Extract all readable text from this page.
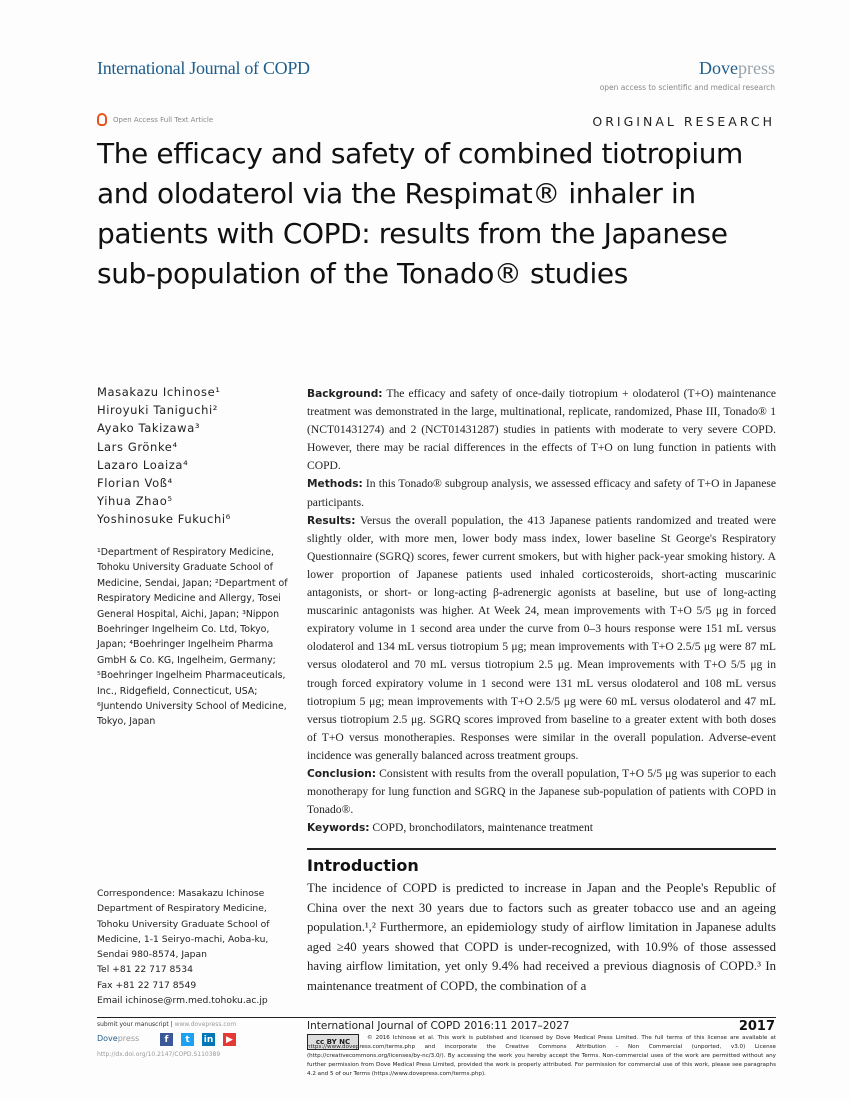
International Journal of COPD	Dovepress
open access to scientific and medical research
Open Access Full Text Article	ORIGINAL RESEARCH
The efficacy and safety of combined tiotropium and olodaterol via the Respimat® inhaler in patients with COPD: results from the Japanese sub-population of the Tonado® studies
Masakazu Ichinose¹
Hiroyuki Taniguchi²
Ayako Takizawa³
Lars Grönke⁴
Lazaro Loaiza⁴
Florian Voß⁴
Yihua Zhao⁵
Yoshinosuke Fukuchi⁶
¹Department of Respiratory Medicine, Tohoku University Graduate School of Medicine, Sendai, Japan; ²Department of Respiratory Medicine and Allergy, Tosei General Hospital, Aichi, Japan; ³Nippon Boehringer Ingelheim Co. Ltd, Tokyo, Japan; ⁴Boehringer Ingelheim Pharma GmbH & Co. KG, Ingelheim, Germany; ⁵Boehringer Ingelheim Pharmaceuticals, Inc., Ridgefield, Connecticut, USA; ⁶Juntendo University School of Medicine, Tokyo, Japan
Correspondence: Masakazu Ichinose
Department of Respiratory Medicine,
Tohoku University Graduate School of
Medicine, 1-1 Seiryo-machi, Aoba-ku,
Sendai 980-8574, Japan
Tel +81 22 717 8534
Fax +81 22 717 8549
Email ichinose@rm.med.tohoku.ac.jp

Background: The efficacy and safety of once-daily tiotropium + olodaterol (T+O) maintenance treatment was demonstrated in the large, multinational, replicate, randomized, Phase III, Tonado® 1 (NCT01431274) and 2 (NCT01431287) studies in patients with moderate to very severe COPD. However, there may be racial differences in the effects of T+O on lung function in patients with COPD.

Methods: In this Tonado® subgroup analysis, we assessed efficacy and safety of T+O in Japanese participants.

Results: Versus the overall population, the 413 Japanese patients randomized and treated were slightly older, with more men, lower body mass index, lower baseline St George's Respiratory Questionnaire (SGRQ) scores, fewer current smokers, but with higher pack-year smoking history. A lower proportion of Japanese patients used inhaled corticosteroids, short-acting muscarinic antagonists, or short- or long-acting β-adrenergic agonists at baseline, but use of long-acting muscarinic antagonists was higher. At Week 24, mean improvements with T+O 5/5 μg in forced expiratory volume in 1 second area under the curve from 0–3 hours response were 151 mL versus olodaterol and 134 mL versus tiotropium 5 μg; mean improvements with T+O 2.5/5 μg were 87 mL versus olodaterol and 70 mL versus tiotropium 2.5 μg. Mean improvements with T+O 5/5 μg in trough forced expiratory volume in 1 second were 131 mL versus olodaterol and 108 mL versus tiotropium 5 μg; mean improvements with T+O 2.5/5 μg were 60 mL versus olodaterol and 47 mL versus tiotropium 2.5 μg. SGRQ scores improved from baseline to a greater extent with both doses of T+O versus monotherapies. Responses were similar in the overall population. Adverse-event incidence was generally balanced across treatment groups.

Conclusion: Consistent with results from the overall population, T+O 5/5 μg was superior to each monotherapy for lung function and SGRQ in the Japanese sub-population of patients with COPD in Tonado®.

Keywords: COPD, bronchodilators, maintenance treatment

Introduction

The incidence of COPD is predicted to increase in Japan and the People's Republic of China over the next 30 years due to factors such as greater tobacco use and an ageing population.¹,² Furthermore, an epidemiology study of airflow limitation in Japanese adults aged ≥40 years showed that COPD is under-recognized, with 10.9% of those assessed having airflow limitation, yet only 9.4% had received a previous diagnosis of COPD.³ In maintenance treatment of COPD, the combination of a

submit your manuscript | www.dovepress.com
Dovepress	f	t	in	▶
http://dx.doi.org/10.2147/COPD.S110389
International Journal of COPD 2016:11 2017–2027	2017
cc BY NC	© 2016 Ichinose et al. This work is published and licensed by Dove Medical Press Limited. The full terms of this license are available at https://www.dovepress.com/terms.php and incorporate the Creative Commons Attribution – Non Commercial (unported, v3.0) License (http://creativecommons.org/licenses/by-nc/3.0/). By accessing the work you hereby accept the Terms. Non-commercial uses of the work are permitted without any further permission from Dove Medical Press Limited, provided the work is properly attributed. For permission for commercial use of this work, please see paragraphs 4.2 and 5 of our Terms (https://www.dovepress.com/terms.php).
